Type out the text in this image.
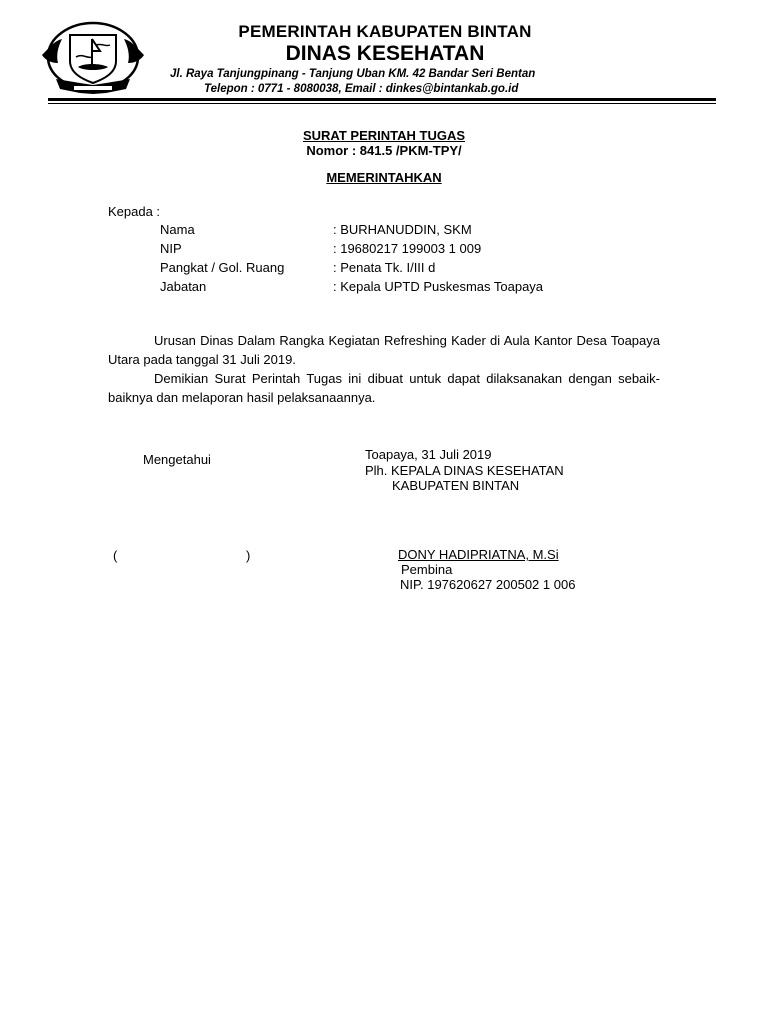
PEMERINTAH KABUPATEN BINTAN
DINAS KESEHATAN
Jl. Raya Tanjungpinang - Tanjung Uban KM. 42 Bandar Seri Bentan
Telepon : 0771 - 8080038, Email : dinkes@bintankab.go.id
SURAT PERINTAH TUGAS
Nomor : 841.5 /PKM-TPY/
MEMERINTAHKAN
Kepada :
Nama	: BURHANUDDIN, SKM
NIP	: 19680217 199003 1 009
Pangkat / Gol. Ruang	: Penata Tk. I/III d
Jabatan	: Kepala UPTD Puskesmas Toapaya
Urusan Dinas Dalam Rangka Kegiatan Refreshing Kader di Aula Kantor Desa Toapaya Utara pada tanggal 31 Juli 2019.
Demikian Surat Perintah Tugas ini dibuat untuk dapat dilaksanakan dengan sebaik-baiknya dan melaporan hasil pelaksanaannya.
Mengetahui	Toapaya, 31 Juli 2019
Plh. KEPALA DINAS KESEHATAN
KABUPATEN BINTAN
(	)	DONY HADIPRIATNA, M.Si
Pembina
NIP. 197620627 200502 1 006
